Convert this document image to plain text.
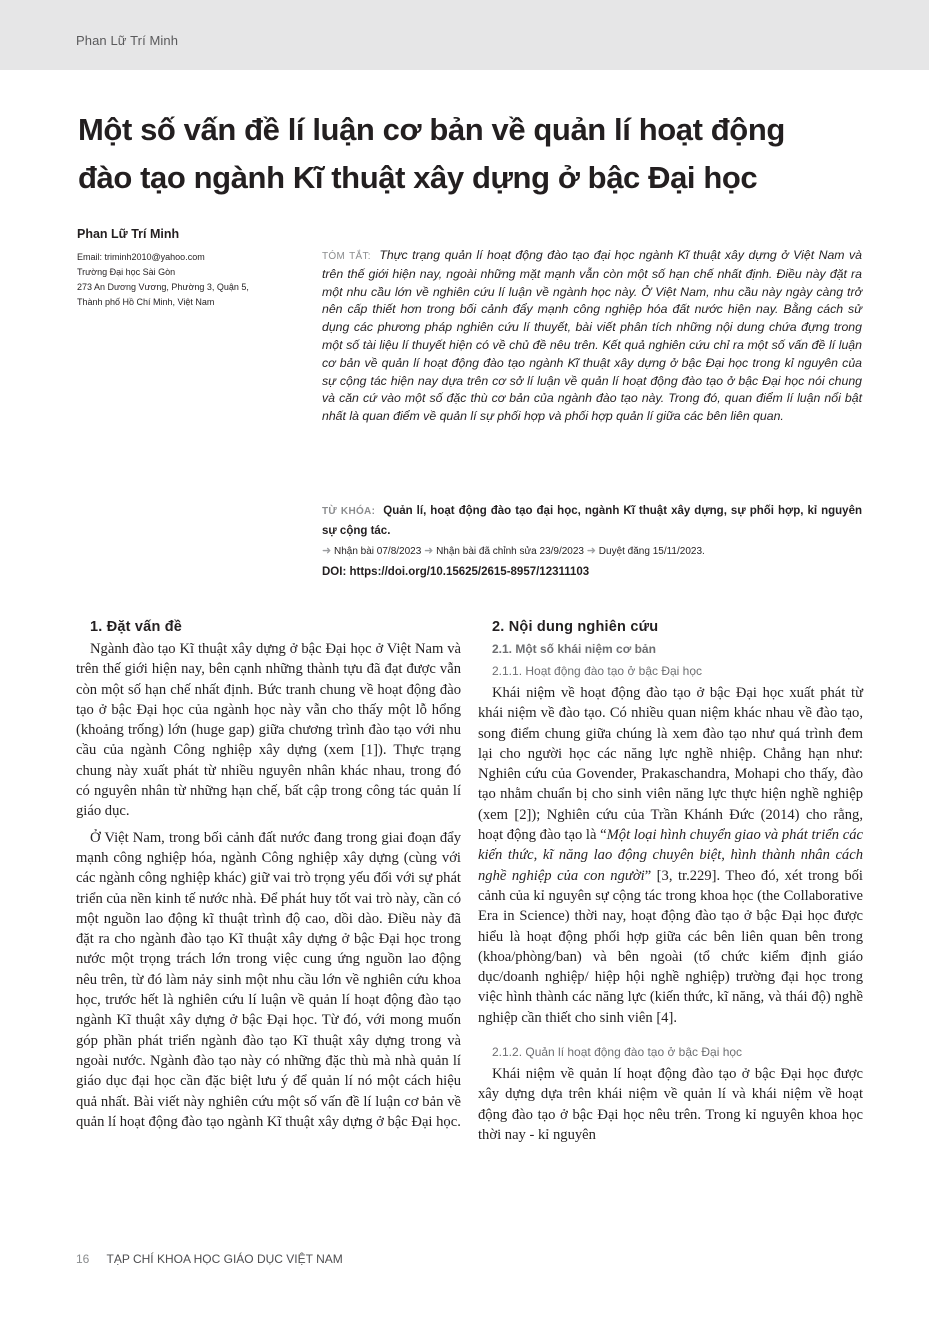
Phan Lữ Trí Minh
Một số vấn đề lí luận cơ bản về quản lí hoạt động
đào tạo ngành Kĩ thuật xây dựng ở bậc Đại học
Phan Lữ Trí Minh
Email: triminh2010@yahoo.com
Trường Đại học Sài Gòn
273 An Dương Vương, Phường 3, Quận 5,
Thành phố Hồ Chí Minh, Việt Nam
TÓM TẮT: Thực trạng quản lí hoạt động đào tạo đại học ngành Kĩ thuật xây dựng ở Việt Nam và trên thế giới hiện nay, ngoài những mặt mạnh vẫn còn một số hạn chế nhất định. Điều này đặt ra một nhu cầu lớn về nghiên cứu lí luận về ngành học này. Ở Việt Nam, nhu cầu này ngày càng trở nên cấp thiết hơn trong bối cảnh đẩy mạnh công nghiệp hóa đất nước hiện nay. Bằng cách sử dụng các phương pháp nghiên cứu lí thuyết, bài viết phân tích những nội dung chứa đựng trong một số tài liệu lí thuyết hiện có về chủ đề nêu trên. Kết quả nghiên cứu chỉ ra một số vấn đề lí luận cơ bản về quản lí hoạt động đào tạo ngành Kĩ thuật xây dựng ở bậc Đại học trong kỉ nguyên của sự cộng tác hiện nay dựa trên cơ sở lí luận về quản lí hoạt động đào tạo ở bậc Đại học nói chung và căn cứ vào một số đặc thù cơ bản của ngành đào tạo này. Trong đó, quan điểm lí luận nổi bật nhất là quan điểm về quản lí sự phối hợp và phối hợp quản lí giữa các bên liên quan.
TỪ KHÓA: Quản lí, hoạt động đào tạo đại học, ngành Kĩ thuật xây dựng, sự phối hợp, kỉ nguyên sự cộng tác.
➜ Nhận bài 07/8/2023 ➜ Nhận bài đã chỉnh sửa 23/9/2023 ➜ Duyệt đăng 15/11/2023.
DOI: https://doi.org/10.15625/2615-8957/12311103
1. Đặt vấn đề

Ngành đào tạo Kĩ thuật xây dựng ở bậc Đại học ở Việt Nam và trên thế giới hiện nay, bên cạnh những thành tựu đã đạt được vẫn còn một số hạn chế nhất định. Bức tranh chung về hoạt động đào tạo ở bậc Đại học của ngành học này vẫn cho thấy một lỗ hổng (khoảng trống) lớn (huge gap) giữa chương trình đào tạo với nhu cầu của ngành Công nghiệp xây dựng (xem [1]). Thực trạng chung này xuất phát từ nhiều nguyên nhân khác nhau, trong đó có nguyên nhân từ những hạn chế, bất cập trong công tác quản lí giáo dục.

Ở Việt Nam, trong bối cảnh đất nước đang trong giai đoạn đẩy mạnh công nghiệp hóa, ngành Công nghiệp xây dựng (cùng với các ngành công nghiệp khác) giữ vai trò trọng yếu đối với sự phát triển của nền kinh tế nước nhà. Để phát huy tốt vai trò này, cần có một nguồn lao động kĩ thuật trình độ cao, dồi dào. Điều này đã đặt ra cho ngành đào tạo Kĩ thuật xây dựng ở bậc Đại học trong nước một trọng trách lớn trong việc cung ứng nguồn lao động nêu trên, từ đó làm nảy sinh một nhu cầu lớn về nghiên cứu khoa học, trước hết là nghiên cứu lí luận về quản lí hoạt động đào tạo ngành Kĩ thuật xây dựng ở bậc Đại học. Từ đó, với mong muốn góp phần phát triển ngành đào tạo Kĩ thuật xây dựng trong và ngoài nước. Ngành đào tạo này có những đặc thù mà nhà quản lí giáo dục đại học cần đặc biệt lưu ý để quản lí nó một cách hiệu quả nhất. Bài viết này nghiên cứu một số vấn đề lí luận cơ bản về quản lí hoạt động đào tạo ngành Kĩ thuật xây dựng ở bậc Đại học.

2. Nội dung nghiên cứu
2.1. Một số khái niệm cơ bản
2.1.1. Hoạt động đào tạo ở bậc Đại học

Khái niệm về hoạt động đào tạo ở bậc Đại học xuất phát từ khái niệm về đào tạo. Có nhiều quan niệm khác nhau về đào tạo, song điểm chung giữa chúng là xem đào tạo như quá trình đem lại cho người học các năng lực nghề nhiệp. Chẳng hạn như: Nghiên cứu của Govender, Prakaschandra, Mohapi cho thấy, đào tạo nhằm chuẩn bị cho sinh viên năng lực thực hiện nghề nghiệp (xem [2]); Nghiên cứu của Trần Khánh Đức (2014) cho rằng, hoạt động đào tạo là “Một loại hình chuyển giao và phát triển các kiến thức, kĩ năng lao động chuyên biệt, hình thành nhân cách nghề nghiệp của con người” [3, tr.229]. Theo đó, xét trong bối cảnh của kỉ nguyên sự cộng tác trong khoa học (the Collaborative Era in Science) thời nay, hoạt động đào tạo ở bậc Đại học được hiểu là hoạt động phối hợp giữa các bên liên quan bên trong (khoa/phòng/ban) và bên ngoài (tổ chức kiểm định giáo dục/doanh nghiệp/ hiệp hội nghề nghiệp) trường đại học trong việc hình thành các năng lực (kiến thức, kĩ năng, và thái độ) nghề nghiệp cần thiết cho sinh viên [4].

2.1.2. Quản lí hoạt động đào tạo ở bậc Đại học

Khái niệm về quản lí hoạt động đào tạo ở bậc Đại học được xây dựng dựa trên khái niệm về quản lí và khái niệm về hoạt động đào tạo ở bậc Đại học nêu trên. Trong kỉ nguyên khoa học thời nay - kỉ nguyên

16 TẠP CHÍ KHOA HỌC GIÁO DỤC VIỆT NAM
